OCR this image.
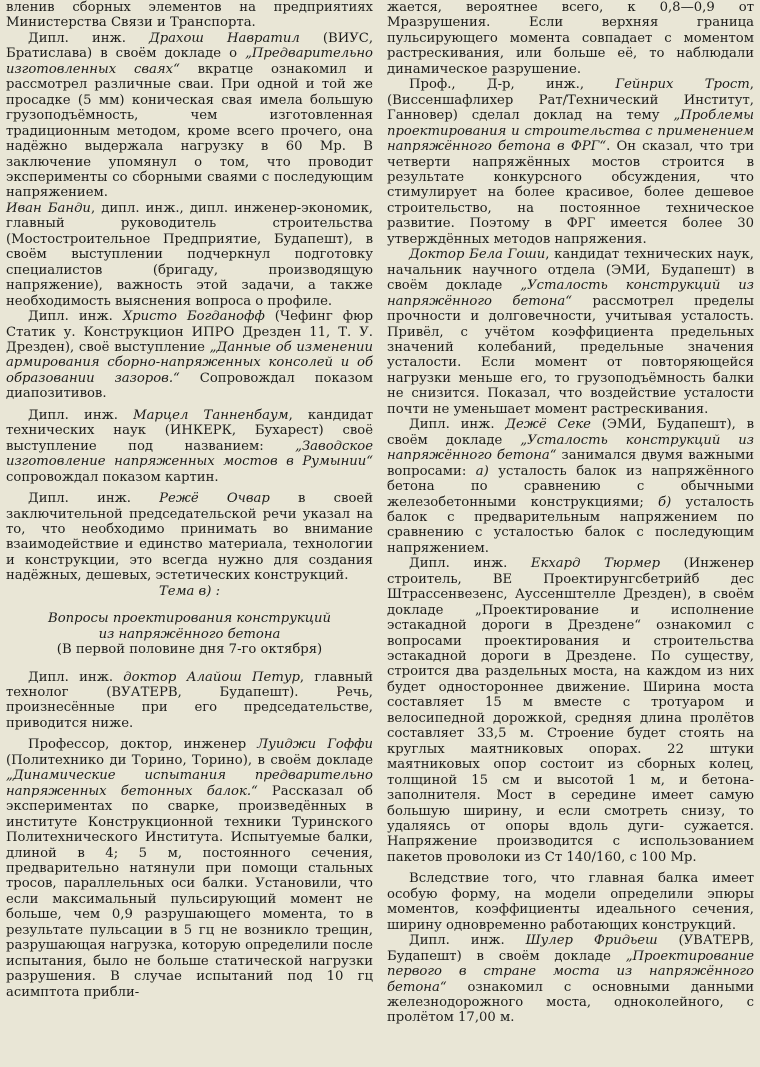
вленив сборных элементов на предприятиях Министерства Связи и Транспорта.

Дипл. инж. Драхош Навратил (ВИУС, Братислава) в своём докладе о „Предварительно изготовленных сваях“ вкратце ознакомил и рассмотрел различные сваи. При одной и той же просадке (5 мм) коническая свая имела большую грузоподъёмность, чем изготовленная традиционным методом, кроме всего прочего, она надёжно выдержала нагрузку в 60 Мр. В заключение упомянул о том, что проводит эксперименты со сборными сваями с последующим напряжением.

Иван Банди, дипл. инж., дипл. инженер-экономик, главный руководитель строительства (Мостостроительное Предприятие, Будапешт), в своём выступлении подчеркнул подготовку специалистов (бригаду, производящую напряжение), важность этой задачи, а также необходимость выяснения вопроса о профиле.

Дипл. инж. Христо Богданофф (Чефинг фюр Статик у. Конструкцион ИПРО Дрезден 11, Т. У. Дрезден), своё выступление „Данные об изменении армирования сборно-напряженных консолей и об образовании зазоров.“ Сопровождал показом диапозитивов.

Дипл. инж. Марцел Танненбаум, кандидат технических наук (ИНКЕРК, Бухарест) своё выступление под названием: „Заводское изготовление напряженных мостов в Румынии“ сопровождал показом картин.

Дипл. инж. Режё Очвар в своей заключительной председательской речи указал на то, что необходимо принимать во внимание взаимодействие и единство материала, технологии и конструкции, это всегда нужно для создания надёжных, дешевых, эстетических конструкций.

Тема в) :
Вопросы проектирования конструкций
из напряжённого бетона
(В первой половине дня 7-го октября)

Дипл. инж. доктор Алайош Петур, главный технолог (ВУАТЕРВ, Будапешт). Речь, произнесённые при его председательстве, приводится ниже.

Профессор, доктор, инженер Луиджи Гоффи (Политехнико ди Торино, Торино), в своём докладе „Динамические испытания предварительно напряженных бетонных балок.“ Рассказал об экспериментах по сварке, произведённых в институте Конструкционной техники Туринского Политехнического Института. Испытуемые балки, длиной в 4; 5 м, постоянного сечения, предварительно натянули при помощи стальных тросов, параллельных оси балки. Установили, что если максимальный пульсирующий момент не больше, чем 0,9 разрушающего момента, то в результате пульсации в 5 гц не возникло трещин, разрушающая нагрузка, которую определили после испытания, было не больше статической нагрузки разрушения. В случае испытаний под 10 гц асимптота прибли-

жается, вероятнее всего, к 0,8—0,9 от Мразрушения. Если верхняя граница пульсирующего момента совпадает с моментом растрескивания, или больше её, то наблюдали динамическое разрушение.

Проф., Д-р, инж., Гейнрих Трост, (Виссеншафлихер Рат/Технический Институт, Ганновер) сделал доклад на тему „Проблемы проектирования и строительства с применением напряжённого бетона в ФРГ“. Он сказал, что три четверти напряжённых мостов строится в результате конкурсного обсуждения, что стимулирует на более красивое, более дешевое строительство, на постоянное техническое развитие. Поэтому в ФРГ имеется более 30 утверждённых методов напряжения.

Доктор Бела Гоши, кандидат технических наук, начальник научного отдела (ЭМИ, Будапешт) в своём докладе „Усталость конструкций из напряжённого бетона“ рассмотрел пределы прочности и долговечности, учитывая усталость. Привёл, с учётом коэффициента предельных значений колебаний, предельные значения усталости. Если момент от повторяющейся нагрузки меньше его, то грузоподъёмность балки не снизится. Показал, что воздействие усталости почти не уменьшает момент растрескивания.

Дипл. инж. Дежё Секе (ЭМИ, Будапешт), в своём докладе „Усталость конструкций из напряжённого бетона“ занимался двумя важными вопросами: а) усталость балок из напряжённого бетона по сравнению с обычными железобетонными конструкциями; б) усталость балок с предварительным напряжением по сравнению с усталостью балок с последующим напряжением.

Дипл. инж. Екхард Тюрмер (Инженер строитель, ВЕ Проектирунгсбетрийб дес Штрассенвезенс, Ауссенштелле Дрезден), в своём докладе „Проектирование и исполнение эстакадной дороги в Дрездене“ ознакомил с вопросами проектирования и строительства эстакадной дороги в Дрездене. По существу, строится два раздельных моста, на каждом из них будет одностороннее движение. Ширина моста составляет 15 м вместе с тротуаром и велосипедной дорожкой, средняя длина пролётов составляет 33,5 м. Строение будет стоять на круглых маятниковых опорах. 22 штуки маятниковых опор состоит из сборных колец, толщиной 15 см и высотой 1 м, и бетона-заполнителя. Мост в середине имеет самую большую ширину, и если смотреть снизу, то удаляясь от опоры вдоль дуги- сужается. Напряжение производится с использованием пакетов проволоки из Ст 140/160, с 100 Мр.

Вследствие того, что главная балка имеет особую форму, на модели определили эпюры моментов, коэффициенты идеального сечения, ширину одновременно работающих конструкций.

Дипл. инж. Шулер Фридьеш (УВАТЕРВ, Будапешт) в своём докладе „Проектирование первого в стране моста из напряжённого бетона“ ознакомил с основными данными железнодорожного моста, одноколейного, с пролётом 17,00 м.
